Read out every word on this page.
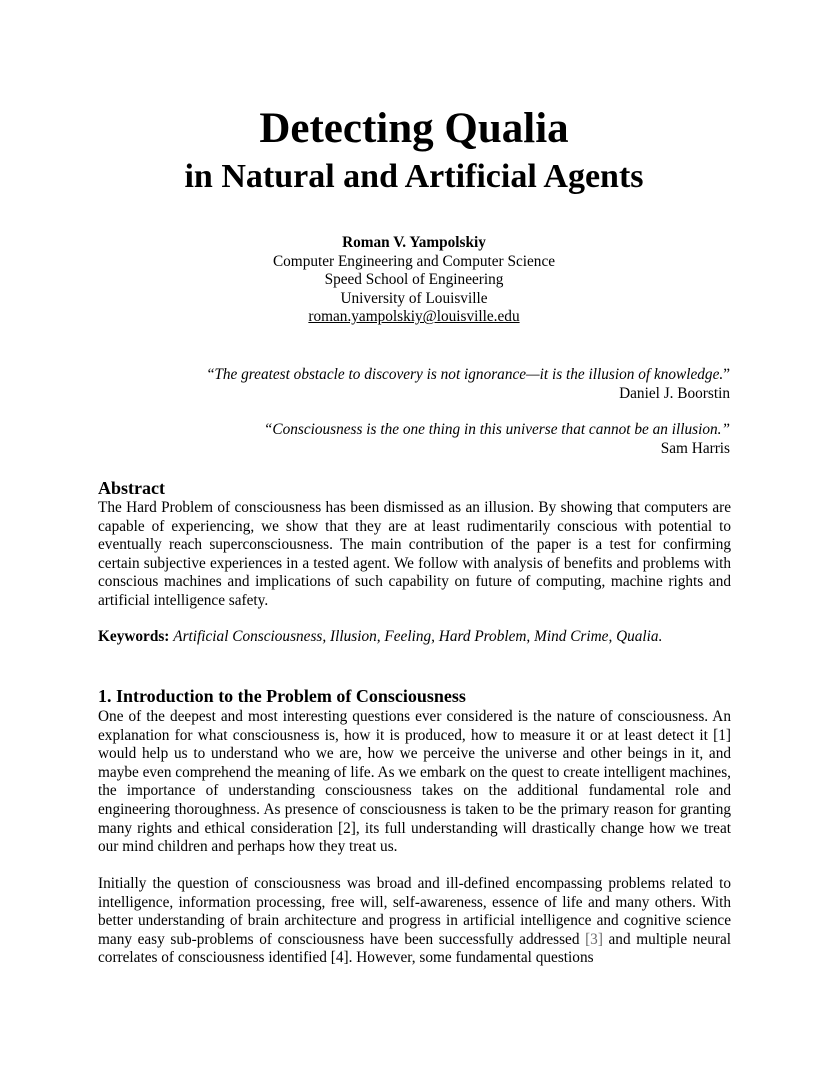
Detecting Qualia
in Natural and Artificial Agents
Roman V. Yampolskiy
Computer Engineering and Computer Science
Speed School of Engineering
University of Louisville
roman.yampolskiy@louisville.edu
“The greatest obstacle to discovery is not ignorance—it is the illusion of knowledge.”
Daniel J. Boorstin
“Consciousness is the one thing in this universe that cannot be an illusion.”
Sam Harris
Abstract
The Hard Problem of consciousness has been dismissed as an illusion. By showing that computers are capable of experiencing, we show that they are at least rudimentarily conscious with potential to eventually reach superconsciousness. The main contribution of the paper is a test for confirming certain subjective experiences in a tested agent. We follow with analysis of benefits and problems with conscious machines and implications of such capability on future of computing, machine rights and artificial intelligence safety.
Keywords: Artificial Consciousness, Illusion, Feeling, Hard Problem, Mind Crime, Qualia.
1. Introduction to the Problem of Consciousness
One of the deepest and most interesting questions ever considered is the nature of consciousness. An explanation for what consciousness is, how it is produced, how to measure it or at least detect it [1] would help us to understand who we are, how we perceive the universe and other beings in it, and maybe even comprehend the meaning of life. As we embark on the quest to create intelligent machines, the importance of understanding consciousness takes on the additional fundamental role and engineering thoroughness. As presence of consciousness is taken to be the primary reason for granting many rights and ethical consideration [2], its full understanding will drastically change how we treat our mind children and perhaps how they treat us.
Initially the question of consciousness was broad and ill-defined encompassing problems related to intelligence, information processing, free will, self-awareness, essence of life and many others. With better understanding of brain architecture and progress in artificial intelligence and cognitive science many easy sub-problems of consciousness have been successfully addressed [3] and multiple neural correlates of consciousness identified [4]. However, some fundamental questions
